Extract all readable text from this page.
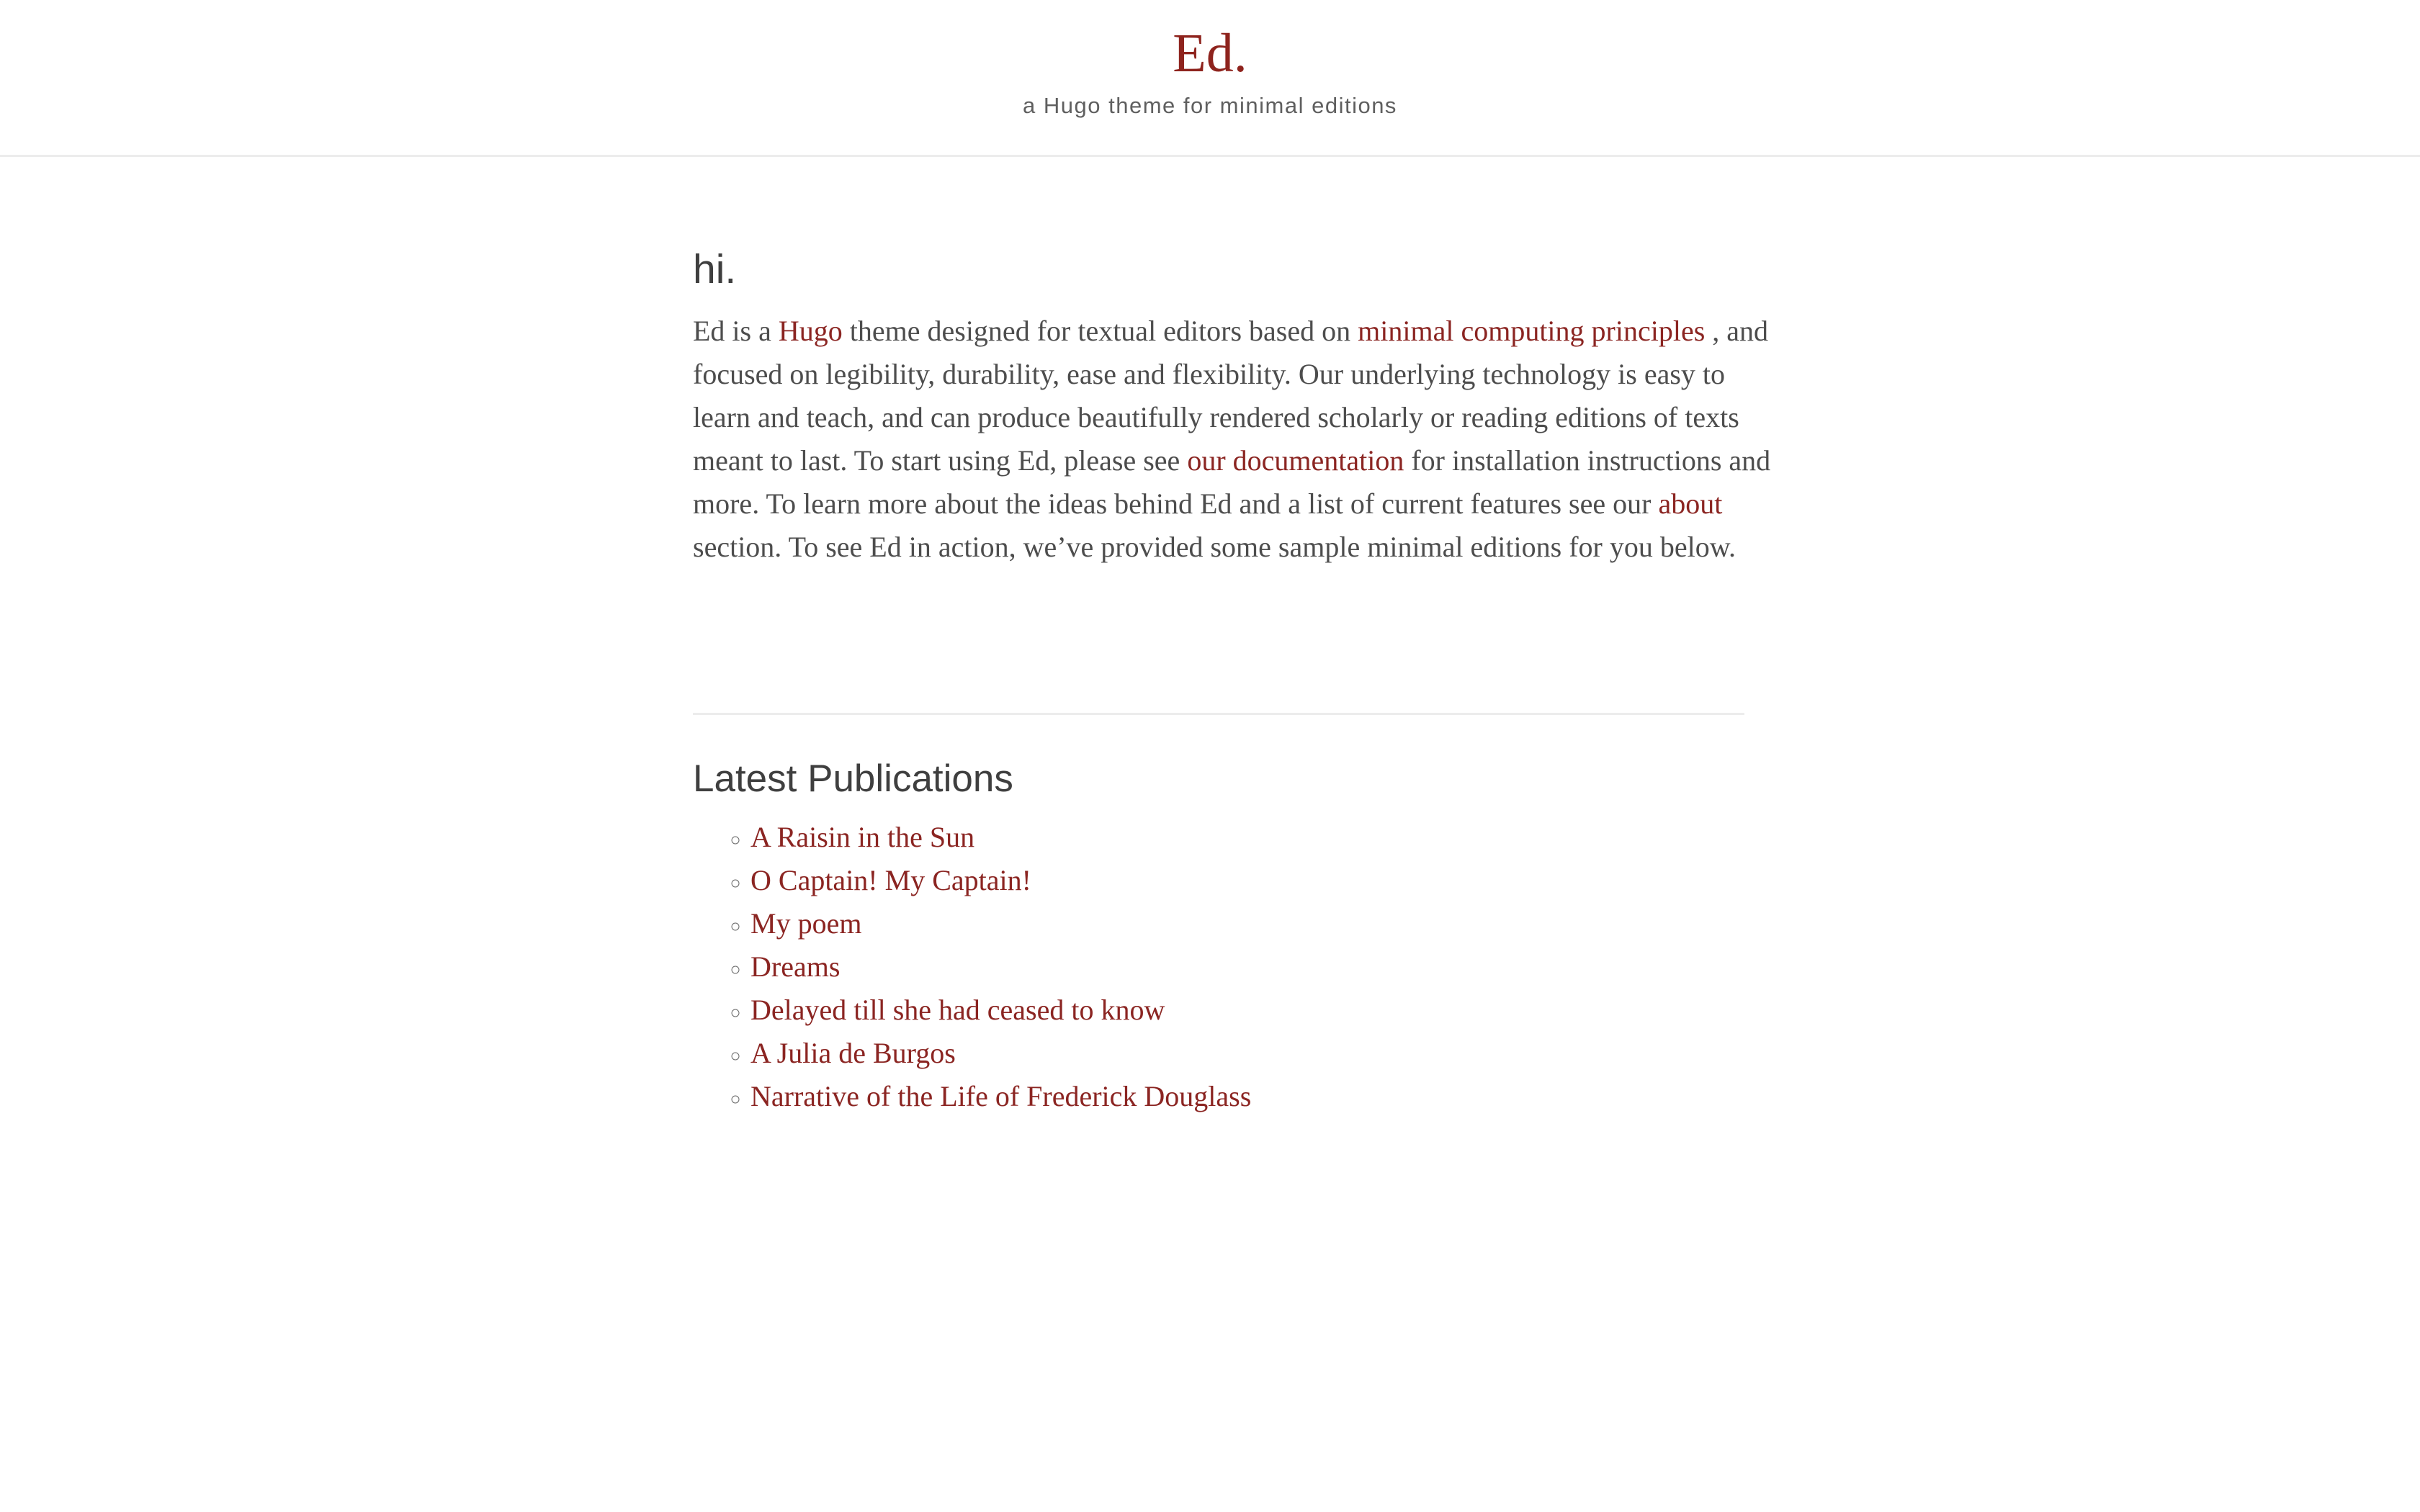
Ed.
a Hugo theme for minimal editions
hi.

Ed is a Hugo theme designed for textual editors based on minimal computing principles , and focused on legibility, durability, ease and flexibility. Our underlying technology is easy to learn and teach, and can produce beautifully rendered scholarly or reading editions of texts meant to last. To start using Ed, please see our documentation for installation instructions and more. To learn more about the ideas behind Ed and a list of current features see our about section. To see Ed in action, we’ve provided some sample minimal editions for you below.

Latest Publications
◦ A Raisin in the Sun
◦ O Captain! My Captain!
◦ My poem
◦ Dreams
◦ Delayed till she had ceased to know
◦ A Julia de Burgos
◦ Narrative of the Life of Frederick Douglass
